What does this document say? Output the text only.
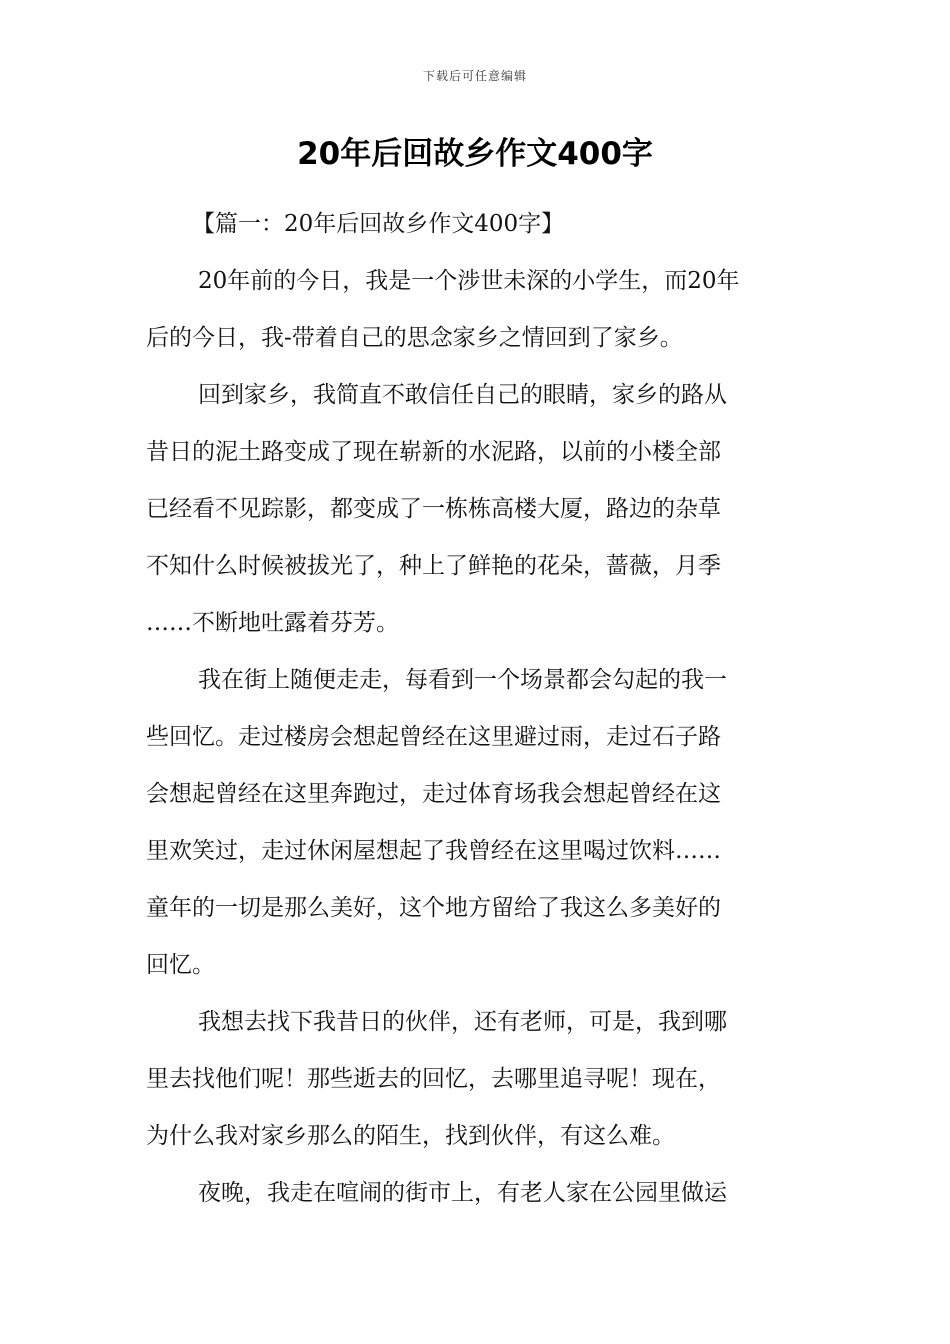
下载后可任意编辑
20年后回故乡作文400字

【篇一：20年后回故乡作文400字】

20年前的今日，我是一个涉世未深的小学生，而20年
后的今日，我-带着自己的思念家乡之情回到了家乡。
回到家乡，我简直不敢信任自己的眼睛，家乡的路从
昔日的泥土路变成了现在崭新的水泥路，以前的小楼全部
已经看不见踪影，都变成了一栋栋高楼大厦，路边的杂草
不知什么时候被拔光了，种上了鲜艳的花朵，蔷薇，月季
……不断地吐露着芬芳。
我在街上随便走走，每看到一个场景都会勾起的我一
些回忆。走过楼房会想起曾经在这里避过雨，走过石子路
会想起曾经在这里奔跑过，走过体育场我会想起曾经在这
里欢笑过，走过休闲屋想起了我曾经在这里喝过饮料……
童年的一切是那么美好，这个地方留给了我这么多美好的
回忆。
我想去找下我昔日的伙伴，还有老师，可是，我到哪
里去找他们呢！那些逝去的回忆，去哪里追寻呢！现在，
为什么我对家乡那么的陌生，找到伙伴，有这么难。
夜晚，我走在喧闹的街市上，有老人家在公园里做运
